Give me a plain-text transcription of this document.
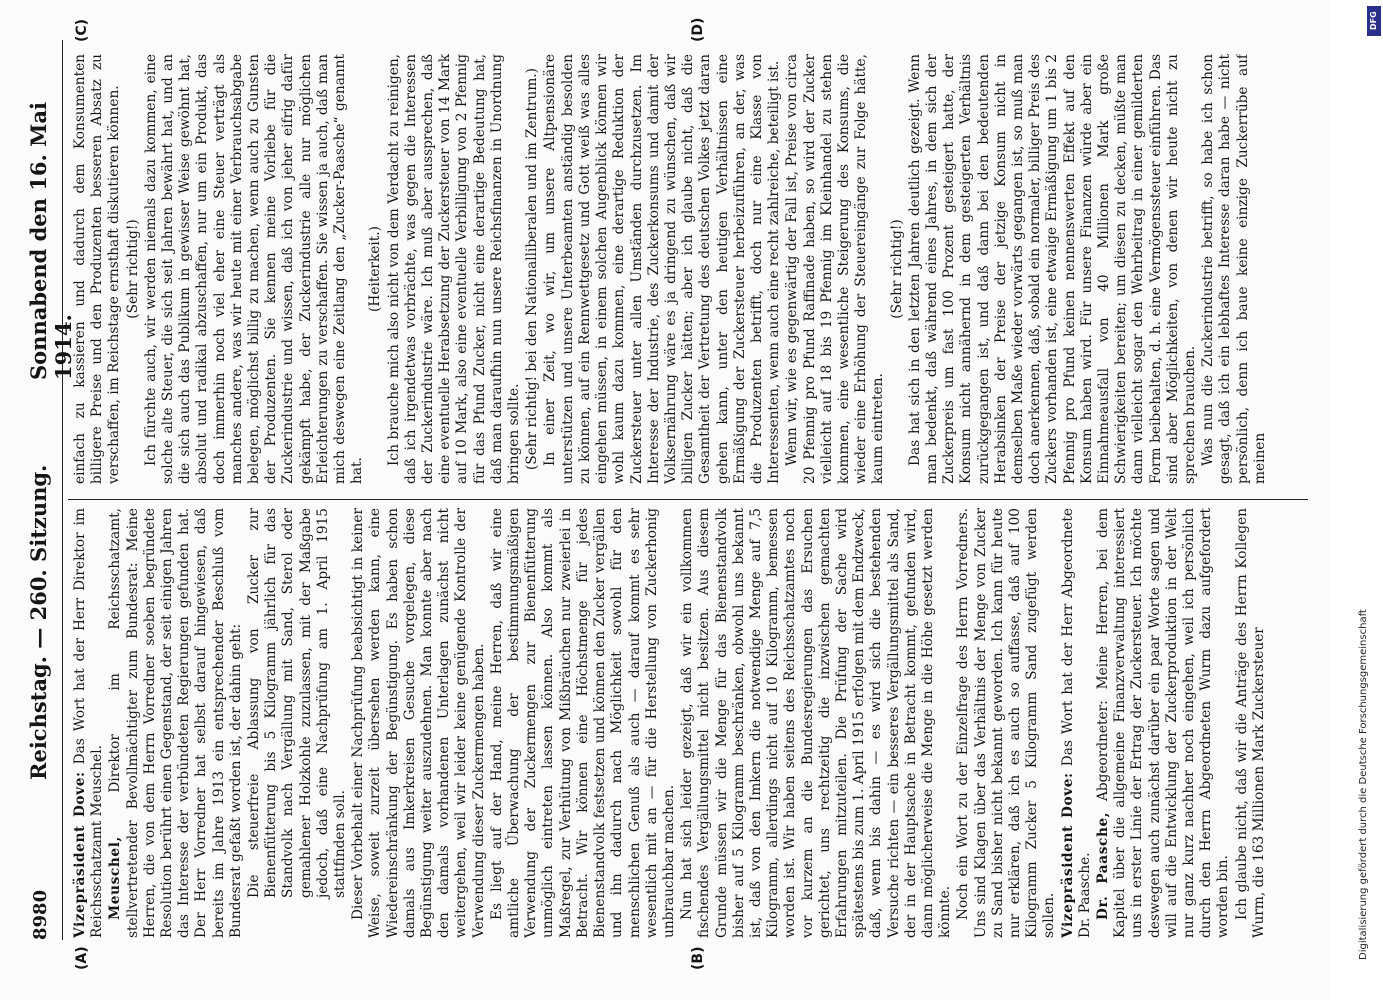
8980
Reichstag. — 260. Sitzung.
Sonnabend den 16. Mai 1914.
(A)	(B)
(C)	(D)

Vizepräsident Dove: Das Wort hat der Herr Direktor im Reichsschatzamt Meuschel. Meuschel, Direktor im Reichsschatzamt, stellvertretender Bevollmächtigter zum Bundesrat: Meine Herren, die von dem Herrn Vorredner soeben begründete Resolution berührt einen Gegenstand, der seit einigen Jahren das Interesse der verbündeten Regierungen gefunden hat. Der Herr Vorredner hat selbst darauf hingewiesen, daß bereits im Jahre 1913 ein entsprechender Beschluß vom Bundesrat gefaßt worden ist, der dahin geht: Die steuerfreie Ablassung von Zucker zur Bienenfütterung bis 5 Kilogramm jährlich für das Standvolk nach Vergällung mit Sand, Sterol oder gemahlener Holzkohle zuzulassen, mit der Maßgabe jedoch, daß eine Nachprüfung am 1. April 1915 stattfinden soll. Dieser Vorbehalt einer Nachprüfung beabsichtigt in keiner Weise, soweit zurzeit übersehen werden kann, eine Wiedereinschränkung der Begünstigung. Es haben schon damals aus Imkerkreisen Gesuche vorgelegen, diese Begünstigung weiter auszudehnen. Man konnte aber nach den damals vorhandenen Unterlagen zunächst nicht weitergehen, weil wir leider keine genügende Kontrolle der Verwendung dieser Zuckermengen haben. Es liegt auf der Hand, meine Herren, daß wir eine amtliche Überwachung der bestimmungsmäßigen Verwendung der Zuckermengen zur Bienenfütterung unmöglich eintreten lassen können. Also kommt als Maßregel, zur Verhütung von Mißbräuchen nur zweierlei in Betracht. Wir können eine Höchstmenge für jedes Bienenstandvolk festsetzen und können den Zucker vergällen und ihn dadurch nach Möglichkeit sowohl für den menschlichen Genuß als auch — darauf kommt es sehr wesentlich mit an — für die Herstellung von Zuckerhonig unbrauchbar machen. Nun hat sich leider gezeigt, daß wir ein vollkommen fischendes Vergällungsmittel nicht besitzen. Aus diesem Grunde müssen wir die Menge für das Bienenstandvolk bisher auf 5 Kilogramm beschränken, obwohl uns bekannt ist, daß von den Imkern die notwendige Menge auf 7,5 Kilogramm, allerdings nicht auf 10 Kilogramm, bemessen worden ist. Wir haben seitens des Reichsschatzamtes noch vor kurzem an die Bundesregierungen das Ersuchen gerichtet, uns rechtzeitig die inzwischen gemachten Erfahrungen mitzuteilen. Die Prüfung der Sache wird spätestens bis zum 1. April 1915 erfolgen mit dem Endzweck, daß, wenn bis dahin — es wird sich die bestehenden Versuche richten — ein besseres Vergällungsmittel als Sand, der in der Hauptsache in Betracht kommt, gefunden wird, dann möglicherweise die Menge in die Höhe gesetzt werden könnte. Noch ein Wort zu der Einzelfrage des Herrn Vorredners. Uns sind Klagen über das Verhältnis der Menge von Zucker zu Sand bisher nicht bekannt geworden. Ich kann für heute nur erklären, daß ich es auch so auffasse, daß auf 100 Kilogramm Zucker 5 Kilogramm Sand zugefügt werden sollen. Vizepräsident Dove: Das Wort hat der Herr Abgeordnete Dr. Paasche. Dr. Paasche, Abgeordneter: Meine Herren, bei dem Kapitel über die allgemeine Finanzverwaltung interessiert uns in erster Linie der Ertrag der Zuckersteuer. Ich möchte deswegen auch zunächst darüber ein paar Worte sagen und will auf die Entwicklung der Zuckerproduktion in der Welt nur ganz kurz nachher noch eingehen, weil ich persönlich durch den Herrn Abgeordneten Wurm dazu aufgefordert worden bin. Ich glaube nicht, daß wir die Anträge des Herrn Kollegen Wurm, die 163 Millionen Mark Zuckersteuer

einfach zu kassieren und dadurch dem Konsumenten billigere Preise und den Produzenten besseren Absatz zu verschaffen, im Reichstage ernsthaft diskutieren können. (Sehr richtig!) Ich fürchte auch, wir werden niemals dazu kommen, eine solche alte Steuer, die sich seit Jahren bewährt hat, und an die sich auch das Publikum in gewisser Weise gewöhnt hat, absolut und radikal abzuschaffen, nur um ein Produkt, das doch immerhin noch viel eher eine Steuer verträgt als manches andere, was wir heute mit einer Verbrauchsabgabe belegen, möglichst billig zu machen, wenn auch zu Gunsten der Produzenten. Sie kennen meine Vorliebe für die Zuckerindustrie und wissen, daß ich von jeher eifrig dafür gekämpft habe, der Zuckerindustrie alle nur möglichen Erleichterungen zu verschaffen. Sie wissen ja auch, daß man mich deswegen eine Zeitlang den „Zucker-Paasche“ genannt hat.

(Heiterkeit.) Ich brauche mich also nicht von dem Verdacht zu reinigen, daß ich irgendetwas vorbrächte, was gegen die Interessen der Zuckerindustrie wäre. Ich muß aber aussprechen, daß eine eventuelle Herabsetzung der Zuckersteuer von 14 Mark auf 10 Mark, also eine eventuelle Verbilligung von 2 Pfennig für das Pfund Zucker, nicht eine derartige Bedeutung hat, daß man daraufhin nun unsere Reichsfinanzen in Unordnung bringen sollte. (Sehr richtig! bei den Nationalliberalen und im Zentrum.) In einer Zeit, wo wir, um unsere Altpensionäre unterstützen und unsere Unterbeamten anständig besolden zu können, auf ein Rennwettgesetz und Gott weiß was alles eingehen müssen, in einem solchen Augenblick können wir wohl kaum dazu kommen, eine derartige Reduktion der Zuckersteuer unter allen Umständen durchzusetzen. Im Interesse der Industrie, des Zuckerkonsums und damit der Volksernährung wäre es ja dringend zu wünschen, daß wir billigen Zucker hätten; aber ich glaube nicht, daß die Gesamtheit der Vertretung des deutschen Volkes jetzt daran gehen kann, unter den heutigen Verhältnissen eine Ermäßigung der Zuckersteuer herbeizuführen, an der, was die Produzenten betrifft, doch nur eine Klasse von Interessenten, wenn auch eine recht zahlreiche, beteiligt ist. Wenn wir, wie es gegenwärtig der Fall ist, Preise von circa 20 Pfennig pro Pfund Raffinade haben, so wird der Zucker vielleicht auf 18 bis 19 Pfennig im Kleinhandel zu stehen kommen, eine wesentliche Steigerung des Konsums, die wieder eine Erhöhung der Steuereingänge zur Folge hätte, kaum eintreten.

(Sehr richtig!) Das hat sich in den letzten Jahren deutlich gezeigt. Wenn man bedenkt, daß während eines Jahres, in dem sich der Zuckerpreis um fast 100 Prozent gesteigert hatte, der Konsum nicht annähernd in dem gesteigerten Verhältnis zurückgegangen ist, und daß dann bei den bedeutenden Herabsinken der Preise der jetzige Konsum nicht in demselben Maße wieder vorwärts gegangen ist, so muß man doch anerkennen, daß, sobald ein normaler, billiger Preis des Zuckers vorhanden ist, eine etwaige Ermäßigung um 1 bis 2 Pfennig pro Pfund keinen nennenswerten Effekt auf den Konsum haben wird. Für unsere Finanzen würde aber ein Einnahmeausfall von 40 Millionen Mark große Schwierigkeiten bereiten; um diesen zu decken, müßte man dann vielleicht sogar den Wehrbeitrag in einer gemilderten Form beibehalten, d. h. eine Vermögenssteuer einführen. Das sind aber Möglichkeiten, von denen wir heute nicht zu sprechen brauchen. Was nun die Zuckerindustrie betrifft, so habe ich schon gesagt, daß ich ein lebhaftes Interesse daran habe — nicht persönlich, denn ich baue keine einzige Zuckerrübe auf meinen

DFG
Digitalisierung gefördert durch die Deutsche Forschungsgemeinschaft
